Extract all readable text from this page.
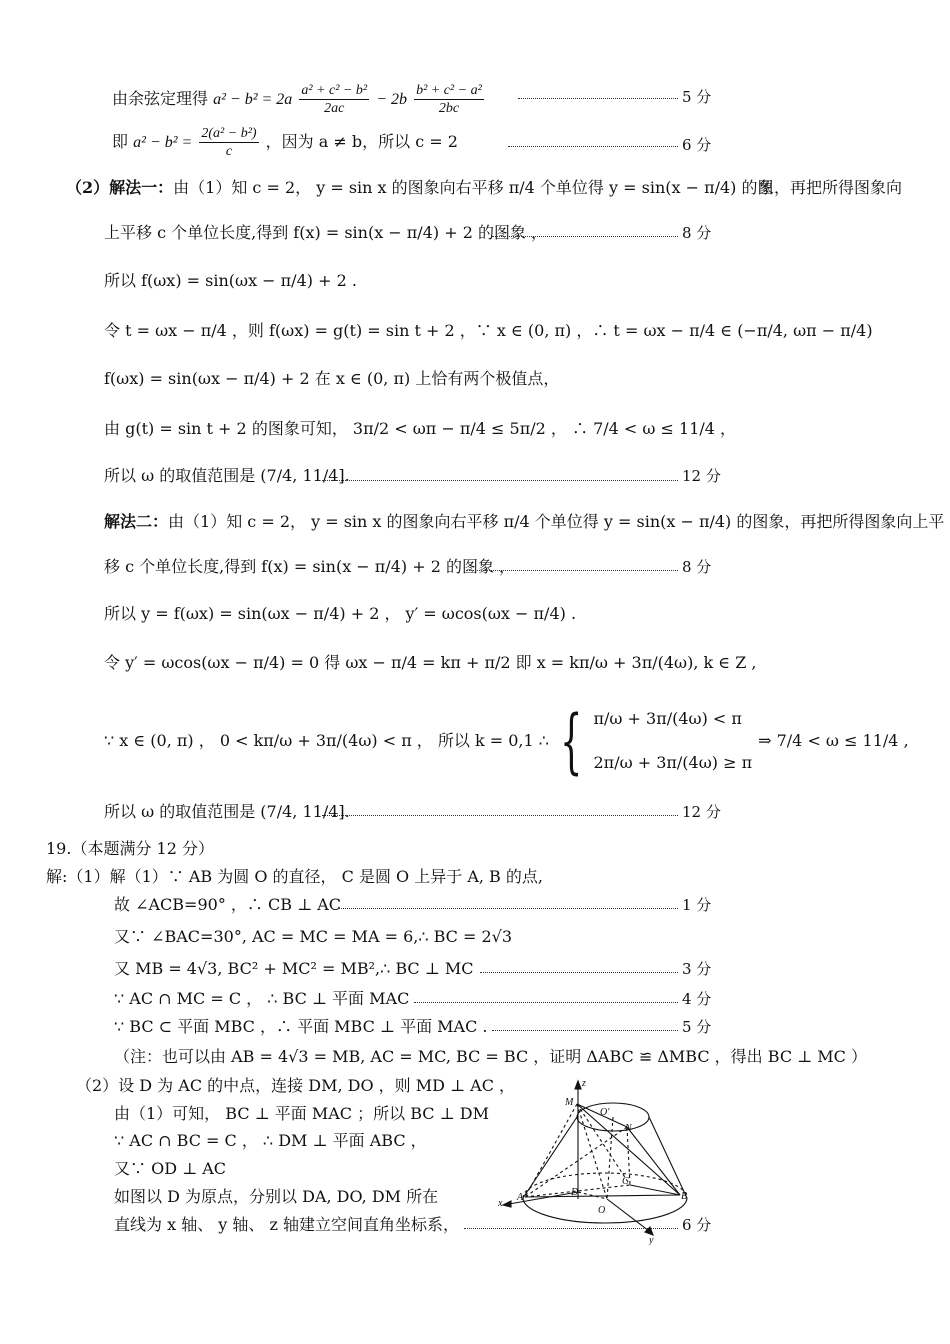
由余弦定理得 $a^2 - b^2 = 2a \frac{\text{a² + c² − b²}}{2ac} - 2b \frac{\text{b² + c² − a²}}{2bc}$	5 分
即 $a^2 - b^2 = \frac{\text{2(a² − b²)}}{c}$ ，因为 a ≠ b，所以 c = 2	6 分
（2）解法一：由（1）知 c = 2， y = sin x 的图象向右平移 π/4 个单位得 y = sin(x − π/4) 的图
象，再把所得图象向
上平移 c 个单位长度,得到 f(x) = sin(x − π/4) + 2 的图象 ，	8 分
所以 f(ωx) = sin(ωx − π/4) + 2 .
令 t = ωx − π/4 ，则 f(ωx) = g(t) = sin t + 2 ，∵ x ∈ (0, π) ，∴ t = ωx − π/4 ∈ (−π/4, ωπ − π/4)
f(ωx) = sin(ωx − π/4) + 2 在 x ∈ (0, π) 上恰有两个极值点，
由 g(t) = sin t + 2 的图象可知， 3π/2 < ωπ − π/4 ≤ 5π/2 ， ∴ 7/4 < ω ≤ 11/4 ，
所以 ω 的取值范围是 (7/4, 11/4].	12 分
解法二：由（1）知 c = 2， y = sin x 的图象向右平移 π/4 个单位得 y = sin(x − π/4) 的图象，再把所得图象向上平
移 c 个单位长度,得到 f(x) = sin(x − π/4) + 2 的图象 ，	8 分
所以 y = f(ωx) = sin(ωx − π/4) + 2 ， y′ = ωcos(ωx − π/4) .
令 y′ = ωcos(ωx − π/4) = 0 得 ωx − π/4 = kπ + π/2 即 x = kπ/ω + 3π/(4ω), k ∈ Z ,
∵ x ∈ (0, π) ， 0 < kπ/ω + 3π/(4ω) < π ， 所以 k = 0,1 ∴ { π/ω + 3π/(4ω) < π
2π/ω + 3π/(4ω) ≥ π
⇒ 7/4 < ω ≤ 11/4 ,
所以 ω 的取值范围是 (7/4, 11/4].	12 分
19.（本题满分 12 分）
解:（1）解（1）∵ AB 为圆 O 的直径， C 是圆 O 上异于 A, B 的点,
故 ∠ACB=90° ，∴ CB ⊥ AC	1 分
又∵ ∠BAC=30°, AC = MC = MA = 6,∴ BC = 2√3
又 MB = 4√3, BC² + MC² = MB²,∴ BC ⊥ MC	3 分
∵ AC ∩ MC = C ， ∴ BC ⊥ 平面 MAC	4 分
∵ BC ⊂ 平面 MBC ，∴ 平面 MBC ⊥ 平面 MAC .	5 分
（注：也可以由 AB = 4√3 = MB, AC = MC, BC = BC ，证明 ΔABC ≌ ΔMBC ，得出 BC ⊥ MC ）
（2）设 D 为 AC 的中点，连接 DM, DO ，则 MD ⊥ AC ，
由（1）可知， BC ⊥ 平面 MAC ；所以 BC ⊥ DM
∵ AC ∩ BC = C ， ∴ DM ⊥ 平面 ABC ，
又∵ OD ⊥ AC
如图以 D 为原点，分别以 DA, DO, DM 所在
直线为 x 轴、 y 轴、 z 轴建立空间直角坐标系，	6 分
z
M
O′
N
x
A	D
C
O
B
y
